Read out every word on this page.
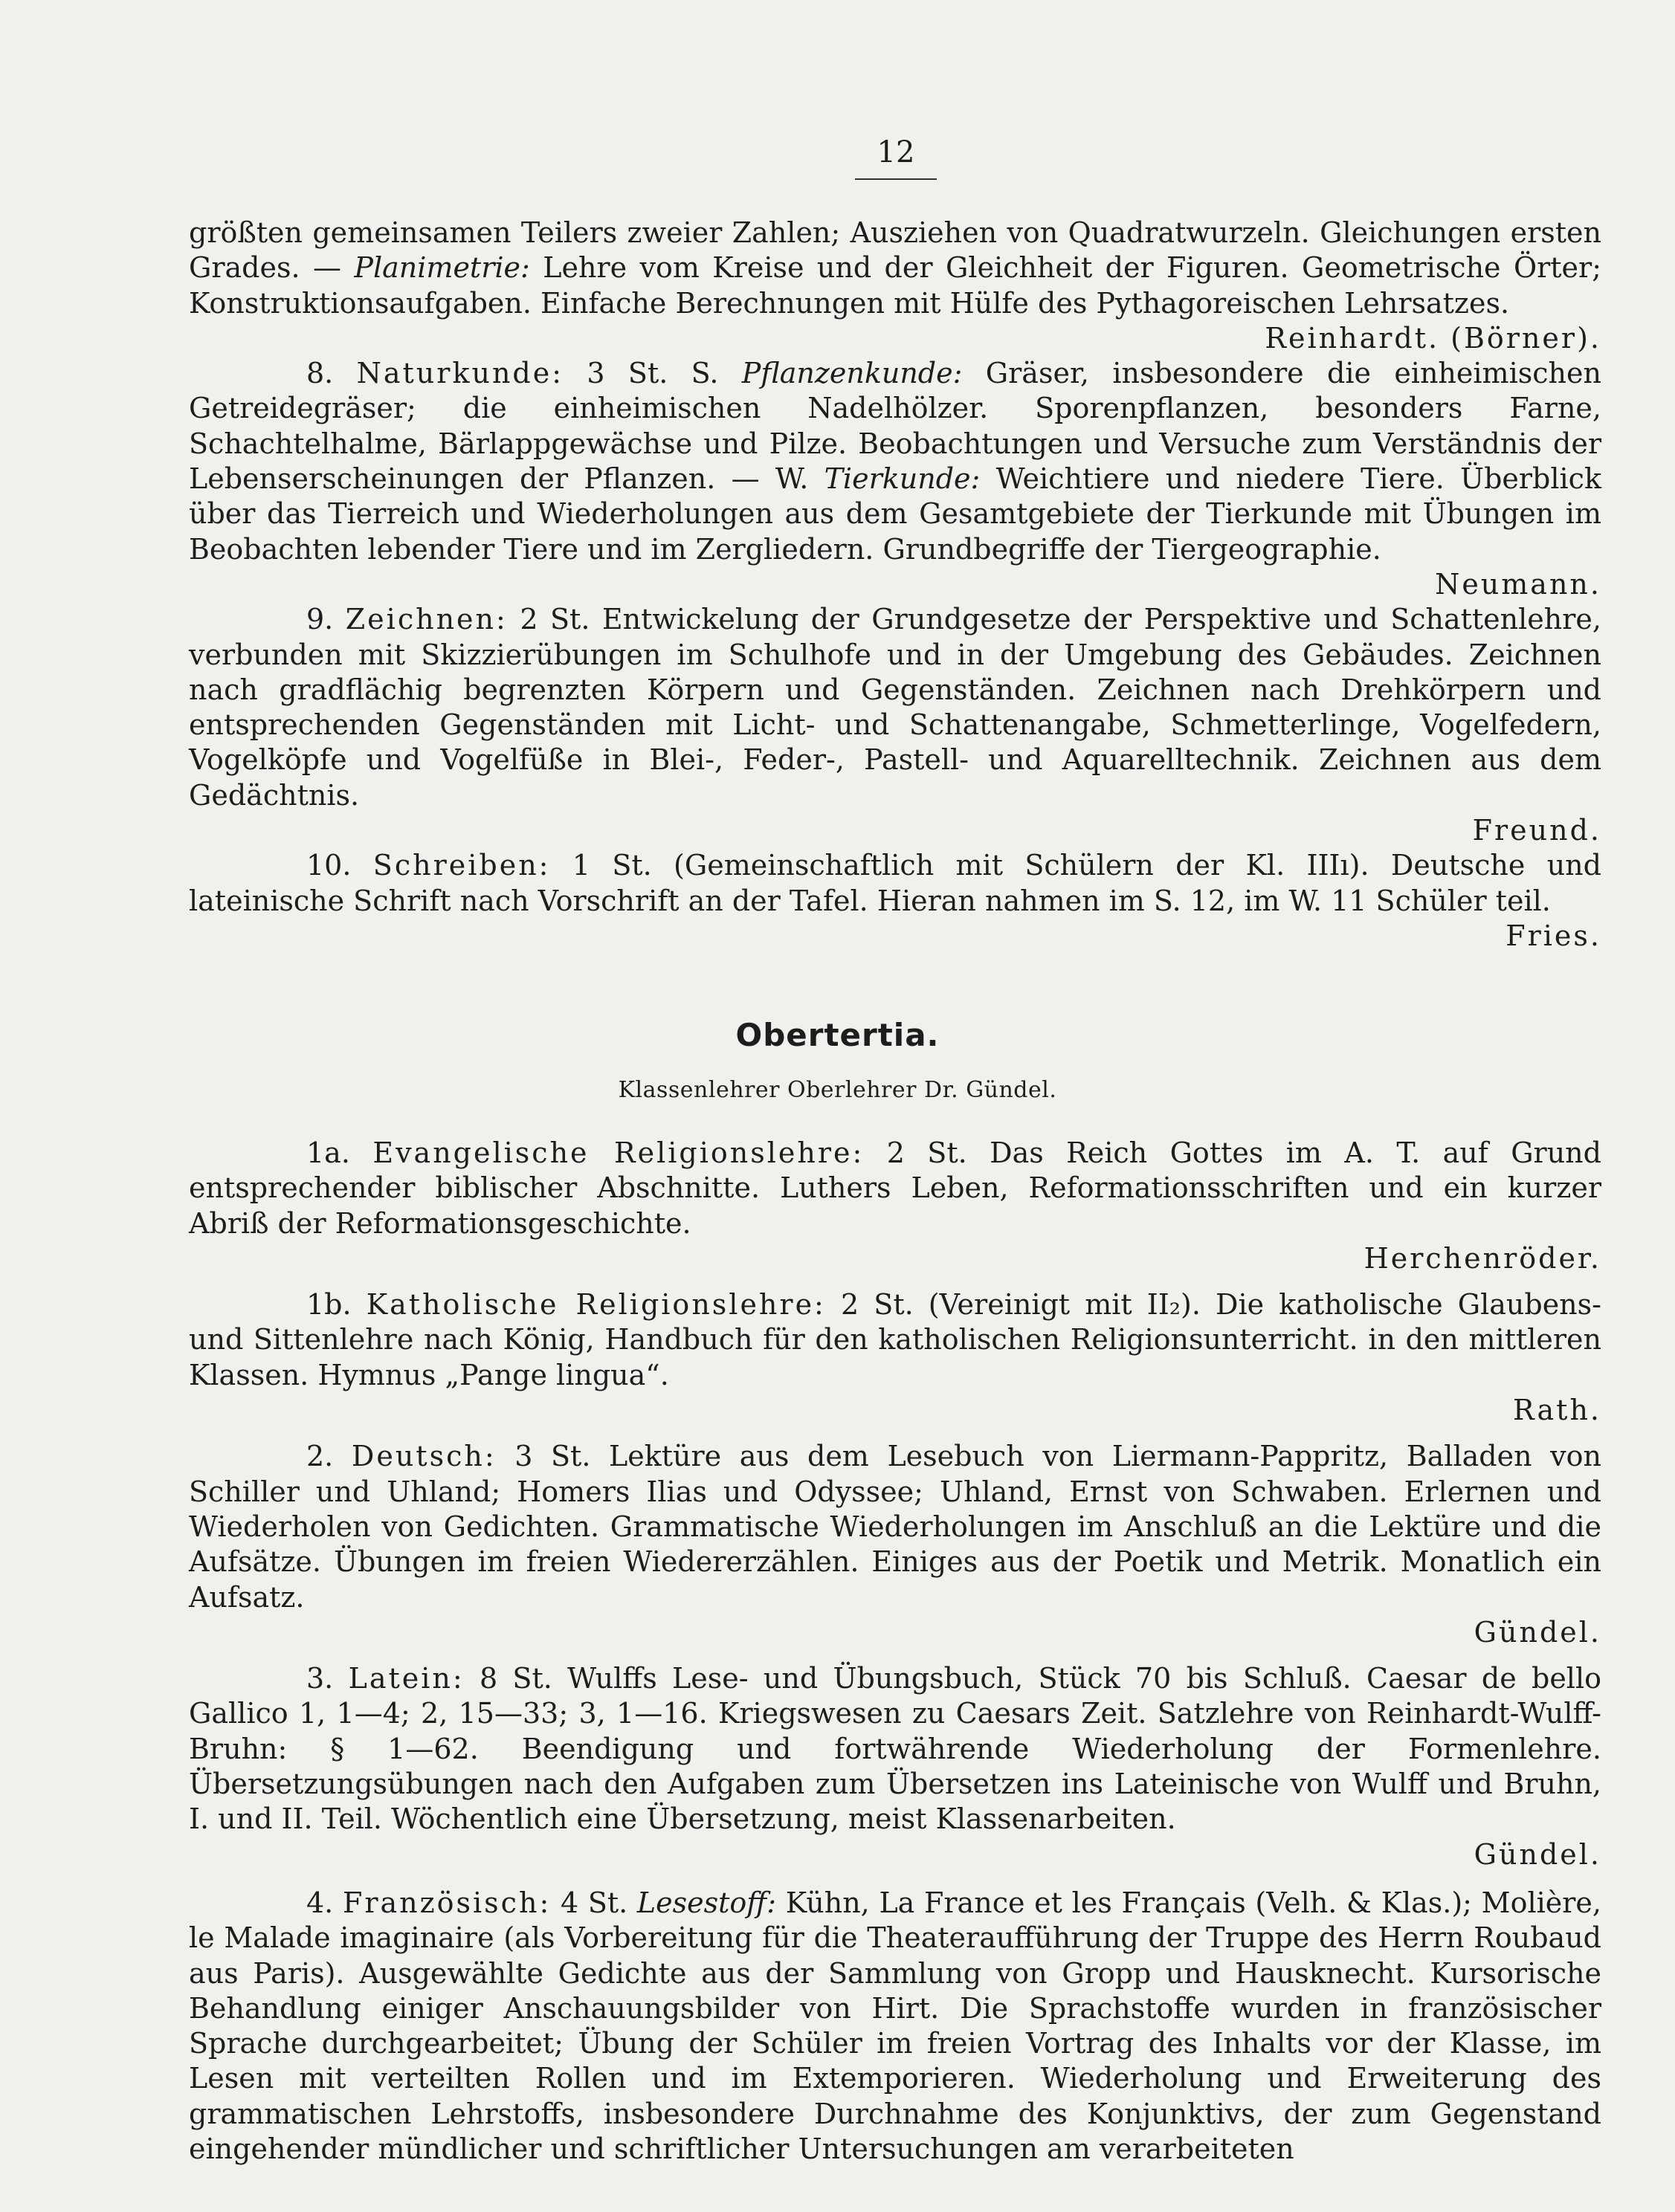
12

größten gemeinsamen Teilers zweier Zahlen; Ausziehen von Quadratwurzeln. Gleichungen ersten Grades. — Planimetrie: Lehre vom Kreise und der Gleichheit der Figuren. Geometrische Örter; Konstruktionsaufgaben. Einfache Berechnungen mit Hülfe des Pythagoreischen Lehrsatzes.

Reinhardt. (Börner).

8. Naturkunde: 3 St. S. Pflanzenkunde: Gräser, insbesondere die einheimischen Getreidegräser; die einheimischen Nadelhölzer. Sporenpflanzen, besonders Farne, Schachtelhalme, Bärlappgewächse und Pilze. Beobachtungen und Versuche zum Verständnis der Lebenserscheinungen der Pflanzen. — W. Tierkunde: Weichtiere und niedere Tiere. Überblick über das Tierreich und Wiederholungen aus dem Gesamtgebiete der Tierkunde mit Übungen im Beobachten lebender Tiere und im Zergliedern. Grundbegriffe der Tiergeographie.

Neumann.

9. Zeichnen: 2 St. Entwickelung der Grundgesetze der Perspektive und Schattenlehre, verbunden mit Skizzierübungen im Schulhofe und in der Umgebung des Gebäudes. Zeichnen nach gradflächig begrenzten Körpern und Gegenständen. Zeichnen nach Drehkörpern und entsprechenden Gegenständen mit Licht- und Schattenangabe, Schmetterlinge, Vogelfedern, Vogelköpfe und Vogelfüße in Blei-, Feder-, Pastell- und Aquarelltechnik. Zeichnen aus dem Gedächtnis.

Freund.

10. Schreiben: 1 St. (Gemeinschaftlich mit Schülern der Kl. IIIı). Deutsche und lateinische Schrift nach Vorschrift an der Tafel. Hieran nahmen im S. 12, im W. 11 Schüler teil.

Fries.

Obertertia.
Klassenlehrer Oberlehrer Dr. Gündel.

1a. Evangelische Religionslehre: 2 St. Das Reich Gottes im A. T. auf Grund entsprechender biblischer Abschnitte. Luthers Leben, Reformationsschriften und ein kurzer Abriß der Reformationsgeschichte.

Herchenröder.

1b. Katholische Religionslehre: 2 St. (Vereinigt mit II₂). Die katholische Glaubens- und Sittenlehre nach König, Handbuch für den katholischen Religionsunterricht. in den mittleren Klassen. Hymnus „Pange lingua“.

Rath.

2. Deutsch: 3 St. Lektüre aus dem Lesebuch von Liermann-Pappritz, Balladen von Schiller und Uhland; Homers Ilias und Odyssee; Uhland, Ernst von Schwaben. Erlernen und Wiederholen von Gedichten. Grammatische Wiederholungen im Anschluß an die Lektüre und die Aufsätze. Übungen im freien Wiedererzählen. Einiges aus der Poetik und Metrik. Monatlich ein Aufsatz.

Gündel.

3. Latein: 8 St. Wulffs Lese- und Übungsbuch, Stück 70 bis Schluß. Caesar de bello Gallico 1, 1—4; 2, 15—33; 3, 1—16. Kriegswesen zu Caesars Zeit. Satzlehre von Reinhardt-Wulff-Bruhn: § 1—62. Beendigung und fortwährende Wiederholung der Formenlehre. Übersetzungsübungen nach den Aufgaben zum Übersetzen ins Lateinische von Wulff und Bruhn, I. und II. Teil. Wöchentlich eine Übersetzung, meist Klassenarbeiten.

Gündel.

4. Französisch: 4 St. Lesestoff: Kühn, La France et les Français (Velh. & Klas.); Molière, le Malade imaginaire (als Vorbereitung für die Theateraufführung der Truppe des Herrn Roubaud aus Paris). Ausgewählte Gedichte aus der Sammlung von Gropp und Hausknecht. Kursorische Behandlung einiger Anschauungsbilder von Hirt. Die Sprachstoffe wurden in französischer Sprache durchgearbeitet; Übung der Schüler im freien Vortrag des Inhalts vor der Klasse, im Lesen mit verteilten Rollen und im Extemporieren. Wiederholung und Erweiterung des grammatischen Lehrstoffs, insbesondere Durchnahme des Konjunktivs, der zum Gegenstand eingehender mündlicher und schriftlicher Untersuchungen am verarbeiteten
